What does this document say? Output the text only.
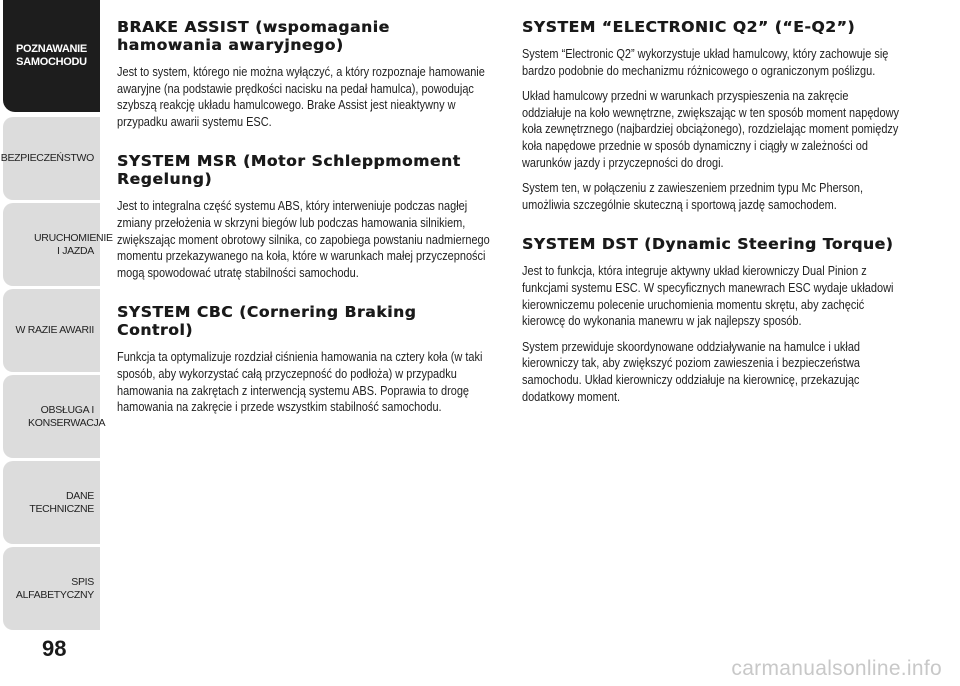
POZNAWANIE SAMOCHODU
BEZPIECZEŃSTWO
URUCHOMIENIE I JAZDA
W RAZIE AWARII
OBSŁUGA I KONSERWACJA
DANE TECHNICZNE
SPIS ALFABETYCZNY
98
BRAKE ASSIST (wspomaganie hamowania awaryjnego)

Jest to system, którego nie można wyłączyć, a który rozpoznaje hamowanie awaryjne (na podstawie prędkości nacisku na pedał hamulca), powodując szybszą reakcję układu hamulcowego. Brake Assist jest nieaktywny w przypadku awarii systemu ESC.

SYSTEM MSR (Motor Schleppmoment Regelung)

Jest to integralna część systemu ABS, który interweniuje podczas nagłej zmiany przełożenia w skrzyni biegów lub podczas hamowania silnikiem, zwiększając moment obrotowy silnika, co zapobiega powstaniu nadmiernego momentu przekazywanego na koła, które w warunkach małej przyczepności mogą spowodować utratę stabilności samochodu.

SYSTEM CBC (Cornering Braking Control)

Funkcja ta optymalizuje rozdział ciśnienia hamowania na cztery koła (w taki sposób, aby wykorzystać całą przyczepność do podłoża) w przypadku hamowania na zakrętach z interwencją systemu ABS. Poprawia to drogę hamowania na zakręcie i przede wszystkim stabilność samochodu.

SYSTEM “ELECTRONIC Q2” (“E-Q2”)

System “Electronic Q2” wykorzystuje układ hamulcowy, który zachowuje się bardzo podobnie do mechanizmu różnicowego o ograniczonym poślizgu.

Układ hamulcowy przedni w warunkach przyspieszenia na zakręcie oddziałuje na koło wewnętrzne, zwiększając w ten sposób moment napędowy koła zewnętrznego (najbardziej obciążonego), rozdzielając moment pomiędzy koła napędowe przednie w sposób dynamiczny i ciągły w zależności od warunków jazdy i przyczepności do drogi.

System ten, w połączeniu z zawieszeniem przednim typu Mc Pherson, umożliwia szczególnie skuteczną i sportową jazdę samochodem.

SYSTEM DST (Dynamic Steering Torque)

Jest to funkcja, która integruje aktywny układ kierowniczy Dual Pinion z funkcjami systemu ESC. W specyficznych manewrach ESC wydaje układowi kierowniczemu polecenie uruchomienia momentu skrętu, aby zachęcić kierowcę do wykonania manewru w jak najlepszy sposób.

System przewiduje skoordynowane oddziaływanie na hamulce i układ kierowniczy tak, aby zwiększyć poziom zawieszenia i bezpieczeństwa samochodu. Układ kierowniczy oddziałuje na kierownicę, przekazując dodatkowy moment.

carmanualsonline.info
